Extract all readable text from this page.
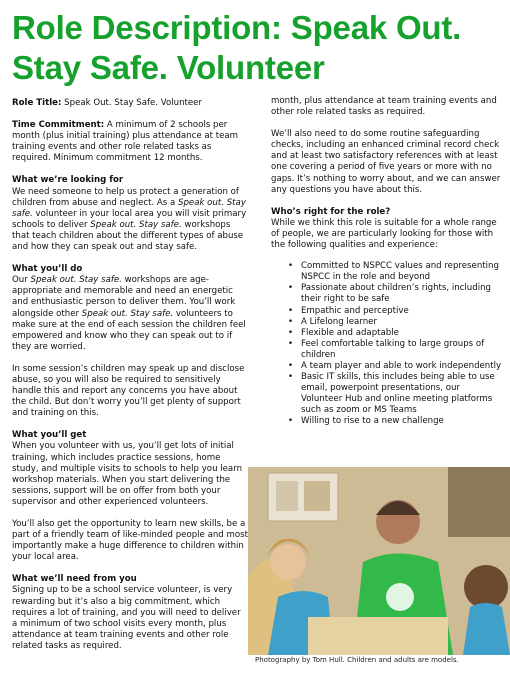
Role Description: Speak Out. Stay Safe. Volunteer

Role Title: Speak Out. Stay Safe. Volunteer

Time Commitment: A minimum of 2 schools per month (plus initial training) plus attendance at team training events and other role related tasks as required. Minimum commitment 12 months.

What we’re looking for

We need someone to help us protect a generation of children from abuse and neglect. As a Speak out. Stay safe. volunteer in your local area you will visit primary schools to deliver Speak out. Stay safe. workshops that teach children about the different types of abuse and how they can speak out and stay safe.

What you’ll do

Our Speak out. Stay safe. workshops are age-appropriate and memorable and need an energetic and enthusiastic person to deliver them. You’ll work alongside other Speak out. Stay safe. volunteers to make sure at the end of each session the children feel empowered and know who they can speak out to if they are worried.

In some session’s children may speak up and disclose abuse, so you will also be required to sensitively handle this and report any concerns you have about the child. But don’t worry you’ll get plenty of support and training on this.

What you’ll get

When you volunteer with us, you’ll get lots of initial training, which includes practice sessions, home study, and multiple visits to schools to help you learn workshop materials. When you start delivering the sessions, support will be on offer from both your supervisor and other experienced volunteers.

You’ll also get the opportunity to learn new skills, be a part of a friendly team of like-minded people and most importantly make a huge difference to children within your local area.

What we’ll need from you

Signing up to be a school service volunteer, is very rewarding but it’s also a big commitment, which requires a lot of training, and you will need to deliver a minimum of two school visits every month, plus attendance at team training events and other role related tasks as required.

month, plus attendance at team training events and other role related tasks as required.

We’ll also need to do some routine safeguarding checks, including an enhanced criminal record check and at least two satisfactory references with at least one covering a period of five years or more with no gaps. It’s nothing to worry about, and we can answer any questions you have about this.

Who’s right for the role?

While we think this role is suitable for a whole range of people, we are particularly looking for those with the following qualities and experience:

• Committed to NSPCC values and representing NSPCC in the role and beyond
• Passionate about children’s rights, including their right to be safe
• Empathic and perceptive
• A Lifelong learner
• Flexible and adaptable
• Feel comfortable talking to large groups of children
• A team player and able to work independently
• Basic IT skills, this includes being able to use email, powerpoint presentations, our Volunteer Hub and online meeting platforms such as zoom or MS Teams
• Willing to rise to a new challenge
Photography by Tom Hull. Children and adults are models.
